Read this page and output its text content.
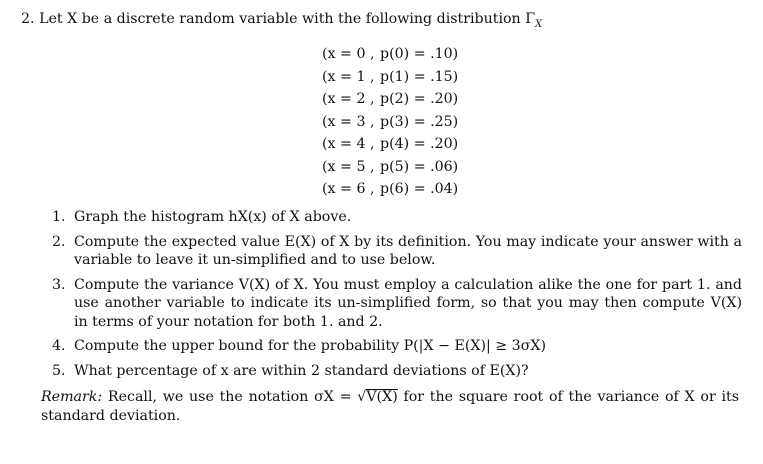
2. Let X be a discrete random variable with the following distribution $\Gamma_X$
(x = 0 , p(0) = .10)
(x = 1 , p(1) = .15)
(x = 2 , p(2) = .20)
(x = 3 , p(3) = .25)
(x = 4 , p(4) = .20)
(x = 5 , p(5) = .06)
(x = 6 , p(6) = .04)
1. Graph the histogram hX(x) of X above.
2. Compute the expected value E(X) of X by its definition. You may indicate your answer with a variable to leave it un-simplified and to use below.
3. Compute the variance V(X) of X. You must employ a calculation alike the one for part 1. and use another variable to indicate its un-simplified form, so that you may then compute V(X) in terms of your notation for both 1. and 2.
4. Compute the upper bound for the probability P(|X − E(X)| ≥ 3σX)
5. What percentage of x are within 2 standard deviations of E(X)?
Remark: Recall, we use the notation σX = √V(X) for the square root of the variance of X or its standard deviation.
